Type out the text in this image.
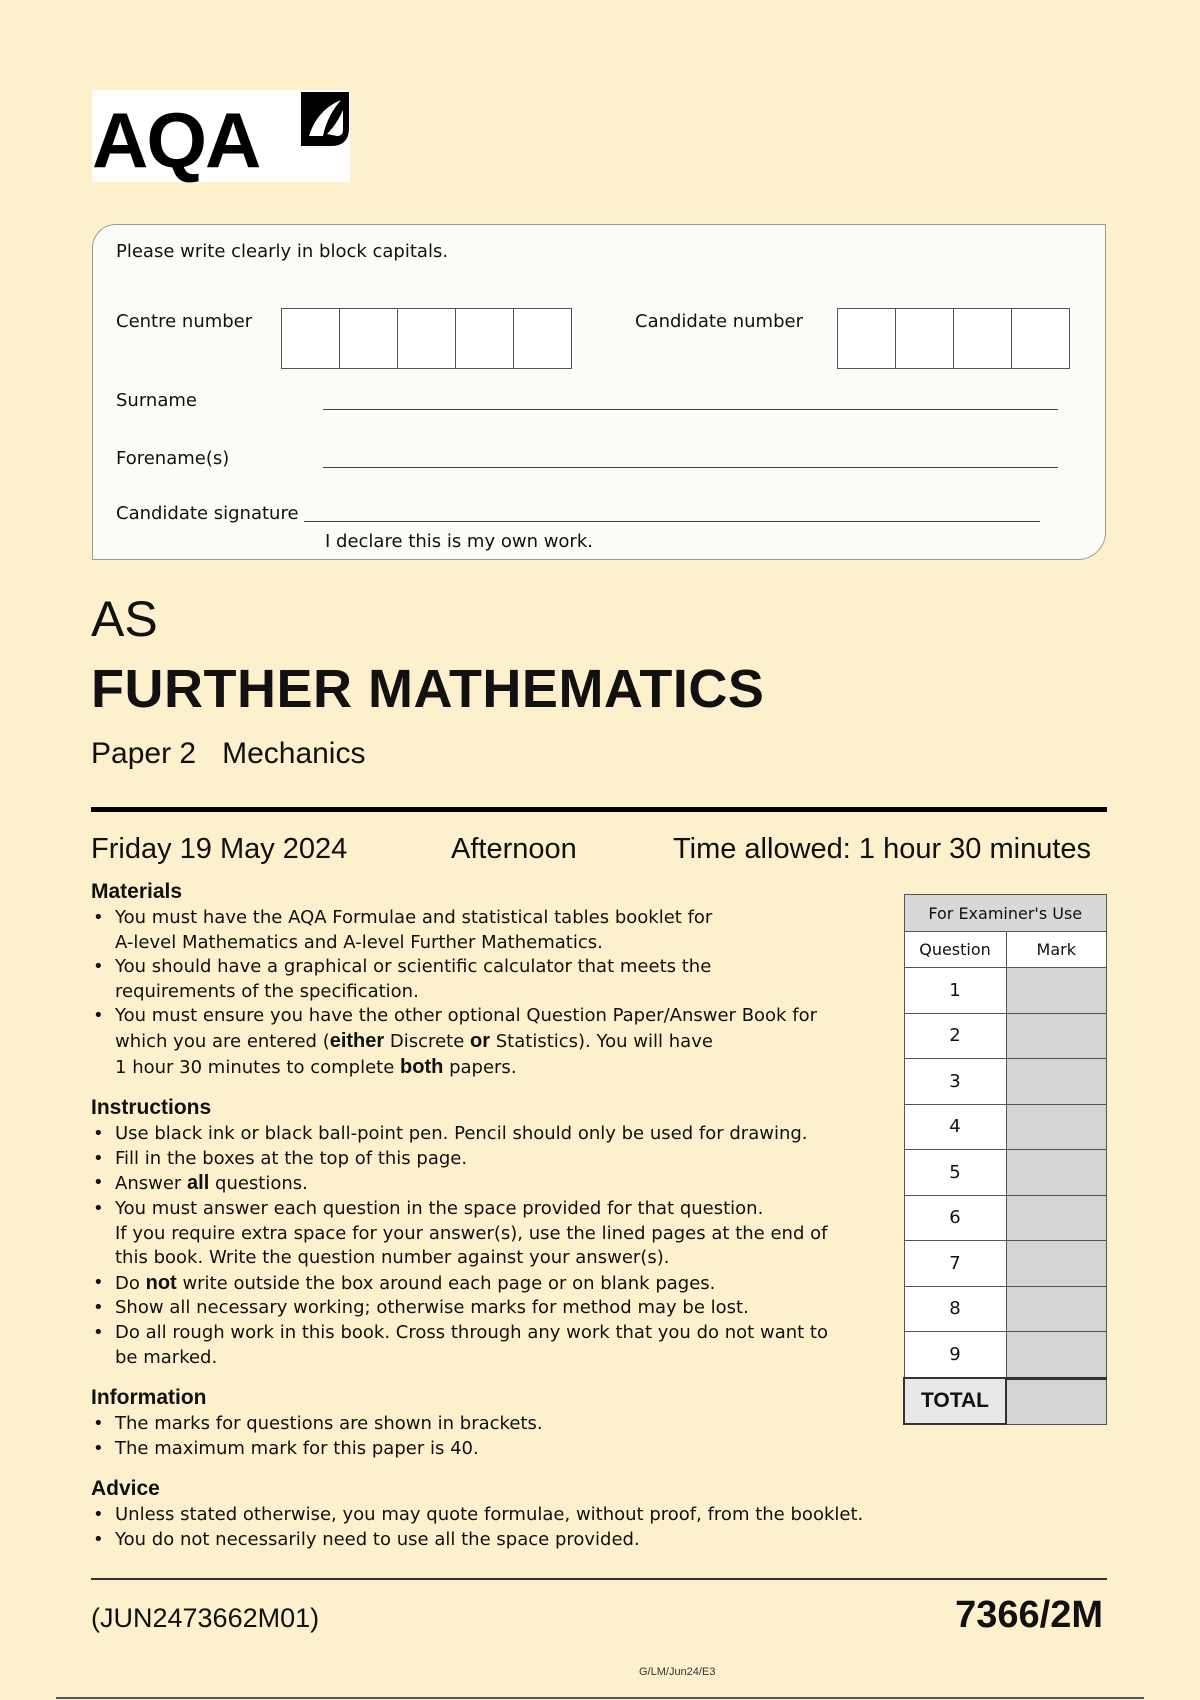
AQA
Please write clearly in block capitals.
Centre number	Candidate number
Surname
Forename(s)
Candidate signature
I declare this is my own work.
AS
FURTHER MATHEMATICS
Paper 2 Mechanics
Friday 19 May 2024	Afternoon	Time allowed: 1 hour 30 minutes
Materials
• You must have the AQA Formulae and statistical tables booklet for
A-level Mathematics and A-level Further Mathematics.
• You should have a graphical or scientific calculator that meets the
requirements of the specification.
• You must ensure you have the other optional Question Paper/Answer Book for
which you are entered (either Discrete or Statistics). You will have
1 hour 30 minutes to complete both papers.
Instructions
• Use black ink or black ball-point pen. Pencil should only be used for drawing.
• Fill in the boxes at the top of this page.
• Answer all questions.
• You must answer each question in the space provided for that question.
If you require extra space for your answer(s), use the lined pages at the end of
this book. Write the question number against your answer(s).
• Do not write outside the box around each page or on blank pages.
• Show all necessary working; otherwise marks for method may be lost.
• Do all rough work in this book. Cross through any work that you do not want to
be marked.
Information
• The marks for questions are shown in brackets.
• The maximum mark for this paper is 40.
Advice
• Unless stated otherwise, you may quote formulae, without proof, from the booklet.
• You do not necessarily need to use all the space provided.
For Examiner's Use	
Question	Mark
1	
2	
3	
4	
5	
6	
7	
8	
9	
TOTAL	
(JUN2473662M01)	7366/2M
G/LM/Jun24/E3
